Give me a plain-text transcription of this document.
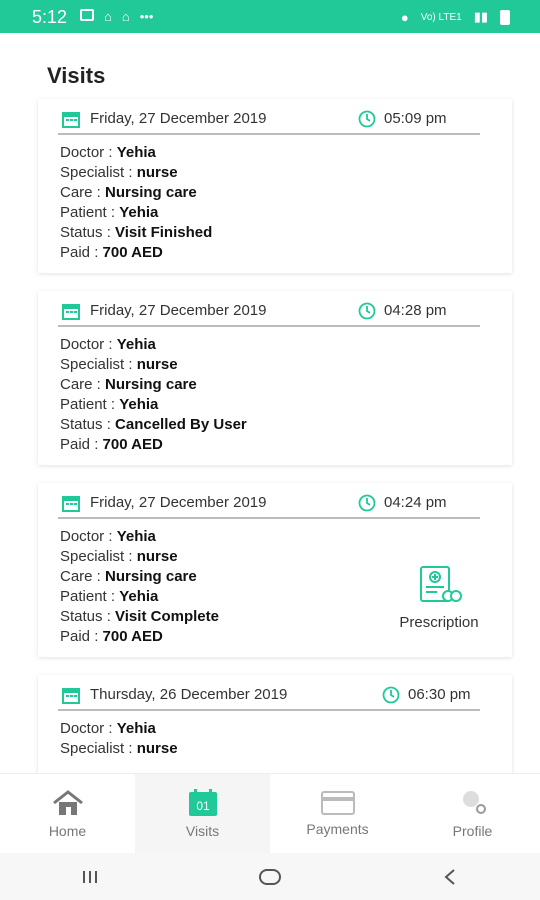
5:12	⌂ ⌂ •••	● Vo) LTE1 ▮▮
Visits
Friday, 27 December 2019	05:09 pm
Doctor : Yehia
Specialist : nurse
Care : Nursing care
Patient : Yehia
Status : Visit Finished
Paid : 700 AED
Friday, 27 December 2019	04:28 pm
Doctor : Yehia
Specialist : nurse
Care : Nursing care
Patient : Yehia
Status : Cancelled By User
Paid : 700 AED
Friday, 27 December 2019	04:24 pm
Doctor : Yehia
Specialist : nurse
Care : Nursing care
Patient : Yehia
Status : Visit Complete
Paid : 700 AED
Prescription
Thursday, 26 December 2019	06:30 pm
Doctor : Yehia
Specialist : nurse
Home
01
Visits	Payments	Profile
